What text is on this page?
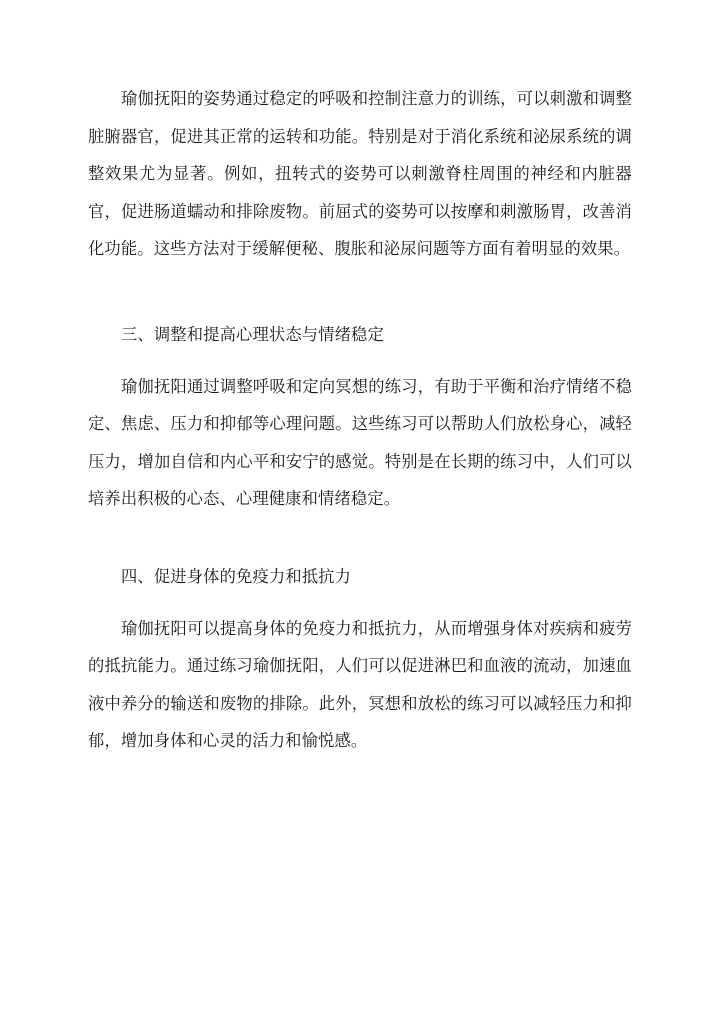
瑜伽抚阳的姿势通过稳定的呼吸和控制注意力的训练，可以刺激和调整脏腑器官，促进其正常的运转和功能。特别是对于消化系统和泌尿系统的调整效果尤为显著。例如，扭转式的姿势可以刺激脊柱周围的神经和内脏器官，促进肠道蠕动和排除废物。前屈式的姿势可以按摩和刺激肠胃，改善消化功能。这些方法对于缓解便秘、腹胀和泌尿问题等方面有着明显的效果。

三、调整和提高心理状态与情绪稳定

瑜伽抚阳通过调整呼吸和定向冥想的练习，有助于平衡和治疗情绪不稳定、焦虑、压力和抑郁等心理问题。这些练习可以帮助人们放松身心，减轻压力，增加自信和内心平和安宁的感觉。特别是在长期的练习中，人们可以培养出积极的心态、心理健康和情绪稳定。

四、促进身体的免疫力和抵抗力

瑜伽抚阳可以提高身体的免疫力和抵抗力，从而增强身体对疾病和疲劳的抵抗能力。通过练习瑜伽抚阳，人们可以促进淋巴和血液的流动，加速血液中养分的输送和废物的排除。此外，冥想和放松的练习可以减轻压力和抑郁，增加身体和心灵的活力和愉悦感。
